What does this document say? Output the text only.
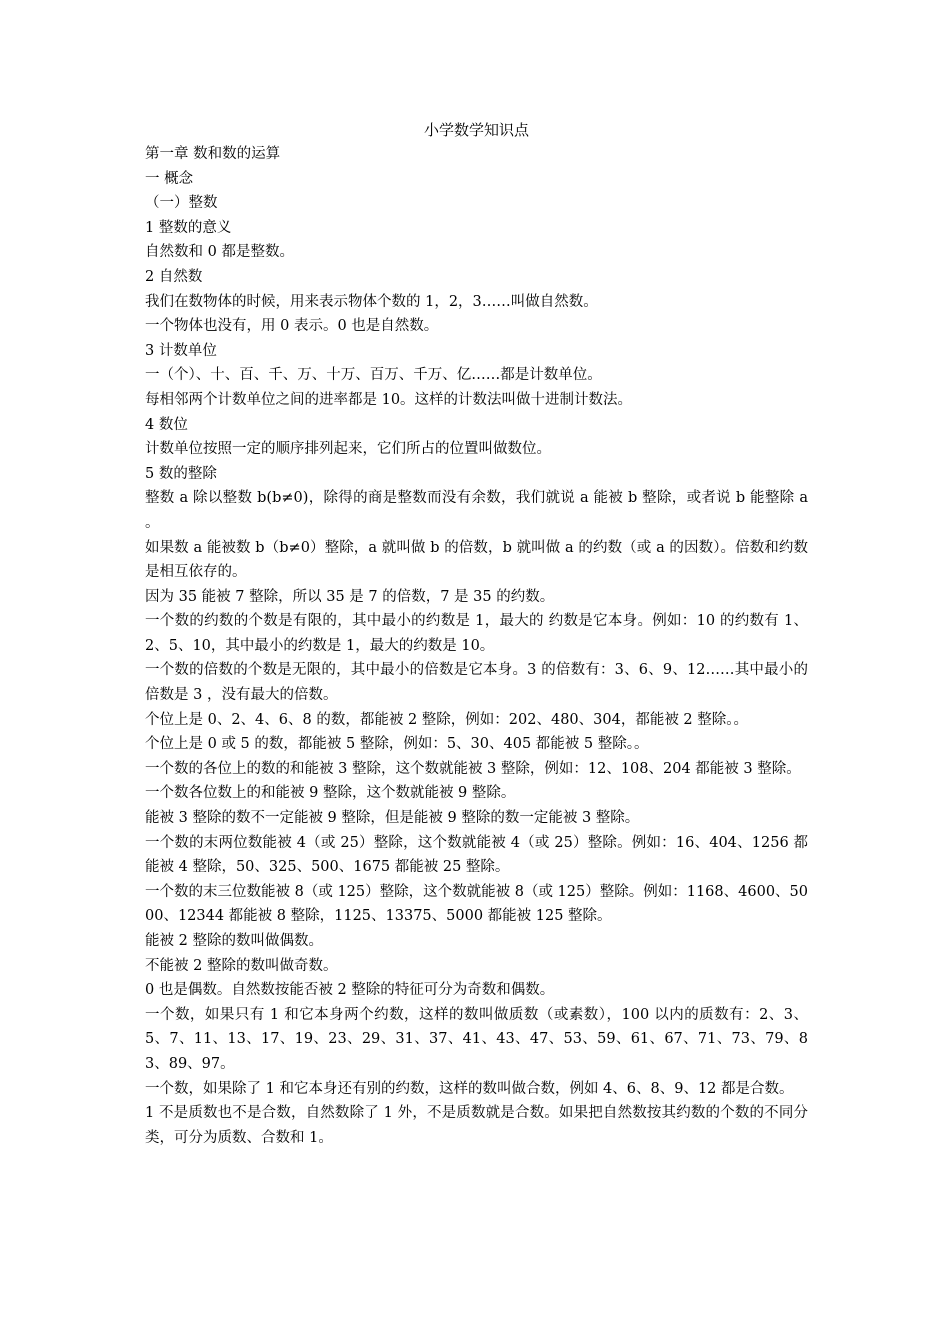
小学数学知识点

第一章 数和数的运算

一 概念

（一）整数

1 整数的意义

自然数和 0 都是整数。

2 自然数

我们在数物体的时候，用来表示物体个数的 1，2，3……叫做自然数。

一个物体也没有，用 0 表示。0 也是自然数。

3 计数单位

一（个）、十、百、千、万、十万、百万、千万、亿……都是计数单位。

每相邻两个计数单位之间的进率都是 10。这样的计数法叫做十进制计数法。

4 数位

计数单位按照一定的顺序排列起来，它们所占的位置叫做数位。

5 数的整除

整数 a 除以整数 b(b≠0)，除得的商是整数而没有余数，我们就说 a 能被 b 整除，或者说 b 能整除 a 。

如果数 a 能被数 b（b≠0）整除，a 就叫做 b 的倍数，b 就叫做 a 的约数（或 a 的因数）。倍数和约数是相互依存的。

因为 35 能被 7 整除，所以 35 是 7 的倍数，7 是 35 的约数。

一个数的约数的个数是有限的，其中最小的约数是 1，最大的 约数是它本身。例如：10 的约数有 1、2、5、10，其中最小的约数是 1，最大的约数是 10。

一个数的倍数的个数是无限的，其中最小的倍数是它本身。3 的倍数有：3、6、9、12……其中最小的倍数是 3 ，没有最大的倍数。

个位上是 0、2、4、6、8 的数，都能被 2 整除，例如：202、480、304，都能被 2 整除。。

个位上是 0 或 5 的数，都能被 5 整除，例如：5、30、405 都能被 5 整除。。

一个数的各位上的数的和能被 3 整除，这个数就能被 3 整除，例如：12、108、204 都能被 3 整除。

一个数各位数上的和能被 9 整除，这个数就能被 9 整除。

能被 3 整除的数不一定能被 9 整除，但是能被 9 整除的数一定能被 3 整除。

一个数的末两位数能被 4（或 25）整除，这个数就能被 4（或 25）整除。例如：16、404、1256 都能被 4 整除，50、325、500、1675 都能被 25 整除。

一个数的末三位数能被 8（或 125）整除，这个数就能被 8（或 125）整除。例如：1168、4600、5000、12344 都能被 8 整除，1125、13375、5000 都能被 125 整除。

能被 2 整除的数叫做偶数。

不能被 2 整除的数叫做奇数。

0 也是偶数。自然数按能否被 2 整除的特征可分为奇数和偶数。

一个数，如果只有 1 和它本身两个约数，这样的数叫做质数（或素数），100 以内的质数有：2、3、5、7、11、13、17、19、23、29、31、37、41、43、47、53、59、61、67、71、73、79、83、89、97。

一个数，如果除了 1 和它本身还有别的约数，这样的数叫做合数，例如 4、6、8、9、12 都是合数。

1 不是质数也不是合数，自然数除了 1 外，不是质数就是合数。如果把自然数按其约数的个数的不同分类，可分为质数、合数和 1。
